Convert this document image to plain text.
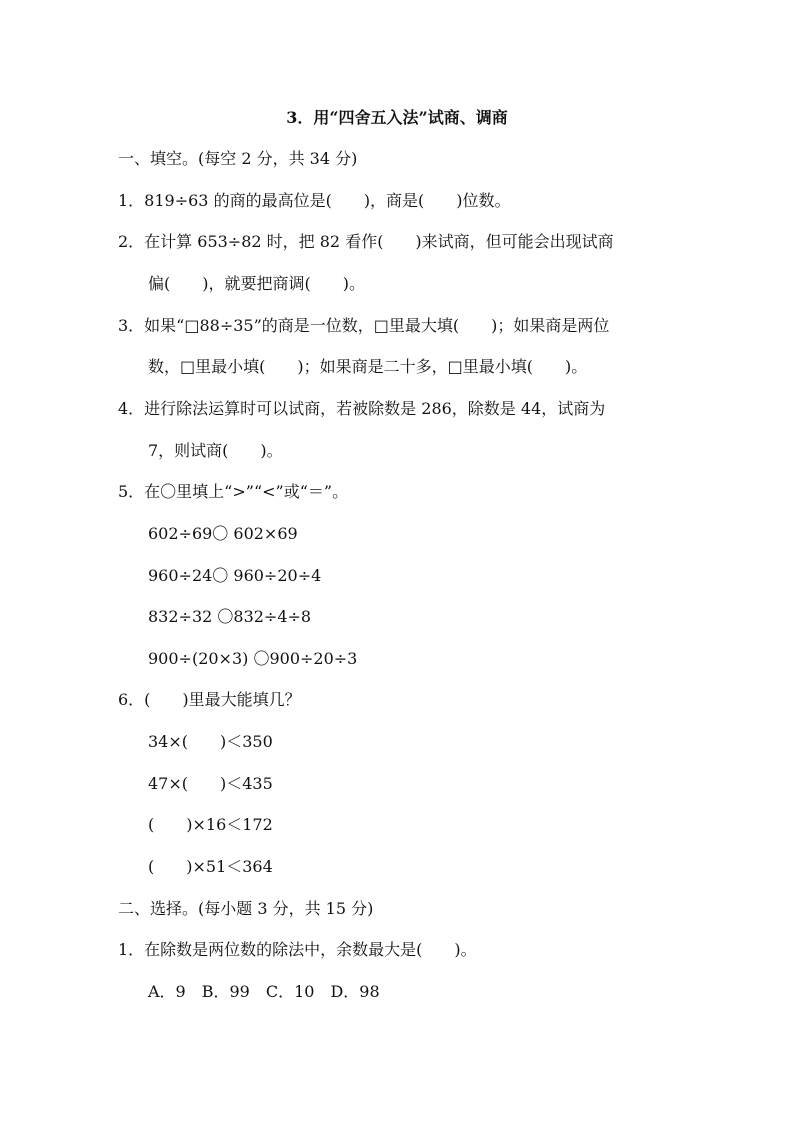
3．用“四舍五入法”试商、调商
一、填空。(每空 2 分，共 34 分)
1．819÷63 的商的最高位是(　　)，商是(　　)位数。
2．在计算 653÷82 时，把 82 看作(　　)来试商，但可能会出现试商
偏(　　)，就要把商调(　　)。
3．如果“□88÷35”的商是一位数，□里最大填(　　)；如果商是两位
数，□里最小填(　　)；如果商是二十多，□里最小填(　　)。
4．进行除法运算时可以试商，若被除数是 286，除数是 44，试商为
7，则试商(　　)。
5．在〇里填上“>”“<”或“＝”。
602÷69〇 602×69
960÷24〇 960÷20÷4
832÷32 〇832÷4÷8
900÷(20×3) 〇900÷20÷3
6．(　　)里最大能填几？
34×(　　)＜350
47×(　　)＜435
(　　)×16＜172
(　　)×51＜364
二、选择。(每小题 3 分，共 15 分)
1．在除数是两位数的除法中，余数最大是(　　)。
A．9　B．99　C．10　D．98
